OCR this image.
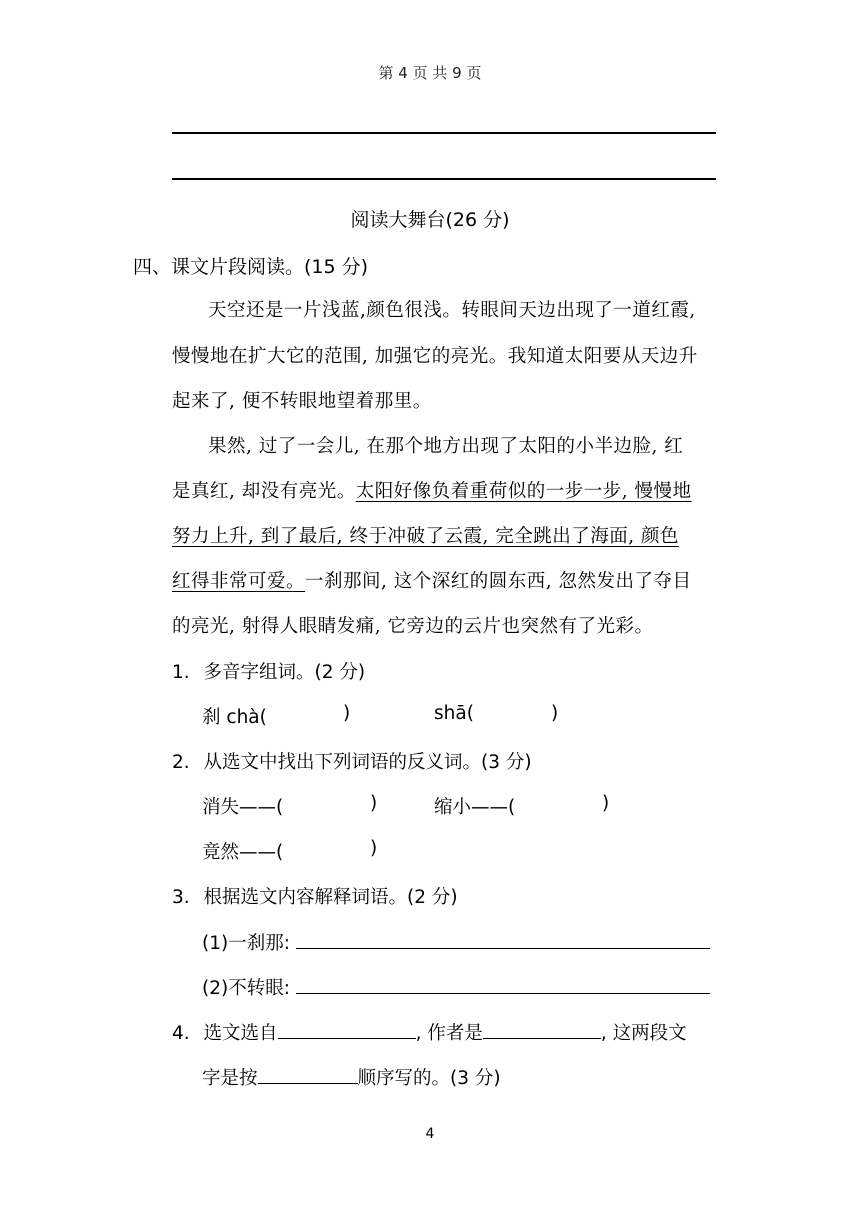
第 4 页 共 9 页
阅读大舞台(26 分)
四、课文片段阅读。(15 分)
天空还是一片浅蓝,颜色很浅。转眼间天边出现了一道红霞,
慢慢地在扩大它的范围, 加强它的亮光。我知道太阳要从天边升
起来了, 便不转眼地望着那里。
果然, 过了一会儿, 在那个地方出现了太阳的小半边脸, 红
是真红, 却没有亮光。太阳好像负着重荷似的一步一步, 慢慢地
努力上升, 到了最后, 终于冲破了云霞, 完全跳出了海面, 颜色
红得非常可爱。一刹那间, 这个深红的圆东西, 忽然发出了夺目
的亮光, 射得人眼睛发痛, 它旁边的云片也突然有了光彩。
1. 多音字组词。(2 分)
刹 chà(	)	shā(	)
2. 从选文中找出下列词语的反义词。(3 分)
消失——(	)	缩小——(	)
竟然——(	)
3. 根据选文内容解释词语。(2 分)
(1)一刹那:
(2)不转眼:
4. 选文选自	, 作者是	, 这两段文
字是按	顺序写的。(3 分)
4
